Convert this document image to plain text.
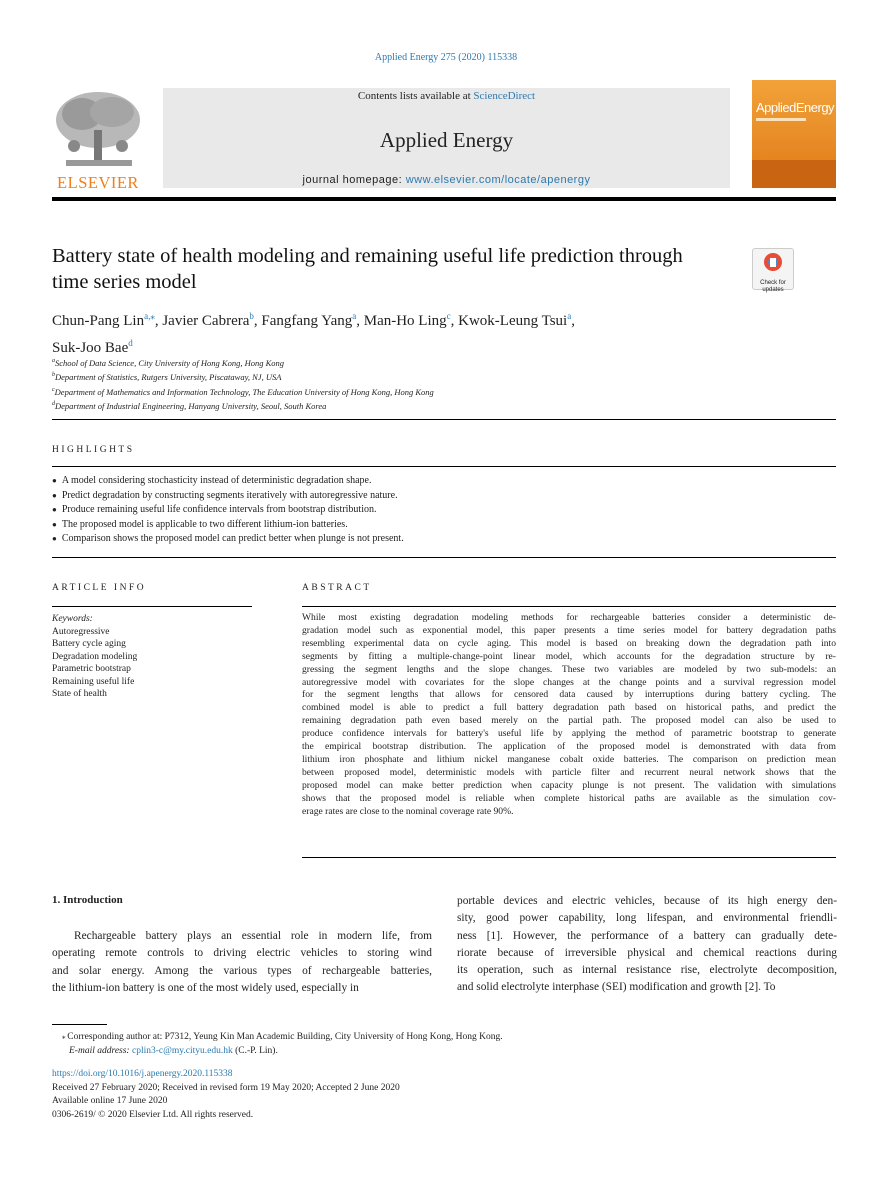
Applied Energy 275 (2020) 115338
ELSEVIER
Contents lists available at ScienceDirect
Applied Energy
journal homepage: www.elsevier.com/locate/apenergy
AppliedEnergy
Battery state of health modeling and remaining useful life prediction through time series model	Check for updates
Chun-Pang Lin$^{a,⁎}$, Javier Cabrera$^b$, Fangfang Yang$^a$, Man-Ho Ling$^c$, Kwok-Leung Tsui$^a$,
Suk-Joo Bae$^d$
$^a$School of Data Science, City University of Hong Kong, Hong Kong
$^b$Department of Statistics, Rutgers University, Piscataway, NJ, USA
$^c$Department of Mathematics and Information Technology, The Education University of Hong Kong, Hong Kong
$^d$Department of Industrial Engineering, Hanyang University, Seoul, South Korea
HIGHLIGHTS
● A model considering stochasticity instead of deterministic degradation shape.
● Predict degradation by constructing segments iteratively with autoregressive nature.
● Produce remaining useful life confidence intervals from bootstrap distribution.
● The proposed model is applicable to two different lithium-ion batteries.
● Comparison shows the proposed model can predict better when plunge is not present.
ARTICLE INFO
Keywords:
Autoregressive
Battery cycle aging
Degradation modeling
Parametric bootstrap
Remaining useful life
State of health
ABSTRACT
While most existing degradation modeling methods for rechargeable batteries consider a deterministic de-
gradation model such as exponential model, this paper presents a time series model for battery degradation paths
resembling experimental data on cycle aging. This model is based on breaking down the degradation path into
segments by fitting a multiple-change-point linear model, which accounts for the degradation structure by re-
gressing the segment lengths and the slope changes. These two variables are modeled by two sub-models: an
autoregressive model with covariates for the slope changes at the change points and a survival regression model
for the segment lengths that allows for censored data caused by interruptions during battery cycling. The
combined model is able to predict a full battery degradation path based on historical paths, and predict the
remaining degradation path even based merely on the partial path. The proposed model can also be used to
produce confidence intervals for battery's useful life by applying the method of parametric bootstrap to generate
the empirical bootstrap distribution. The application of the proposed model is demonstrated with data from
lithium iron phosphate and lithium nickel manganese cobalt oxide batteries. The comparison on prediction mean
between proposed model, deterministic models with particle filter and recurrent neural network shows that the
proposed model can make better prediction when capacity plunge is not present. The validation with simulations
shows that the proposed model is reliable when complete historical paths are available as the simulation cov-
erage rates are close to the nominal coverage rate 90%.
1. Introduction
Rechargeable battery plays an essential role in modern life, from
operating remote controls to driving electric vehicles to storing wind
and solar energy. Among the various types of rechargeable batteries,
the lithium-ion battery is one of the most widely used, especially in
portable devices and electric vehicles, because of its high energy den-
sity, good power capability, long lifespan, and environmental friendli-
ness [1]. However, the performance of a battery can gradually dete-
riorate because of irreversible physical and chemical reactions during
its operation, such as internal resistance rise, electrolyte decomposition,
and solid electrolyte interphase (SEI) modification and growth [2]. To
⁎ Corresponding author at: P7312, Yeung Kin Man Academic Building, City University of Hong Kong, Hong Kong.
E-mail address: cplin3-c@my.cityu.edu.hk (C.-P. Lin).
https://doi.org/10.1016/j.apenergy.2020.115338
Received 27 February 2020; Received in revised form 19 May 2020; Accepted 2 June 2020
Available online 17 June 2020
0306-2619/ © 2020 Elsevier Ltd. All rights reserved.
